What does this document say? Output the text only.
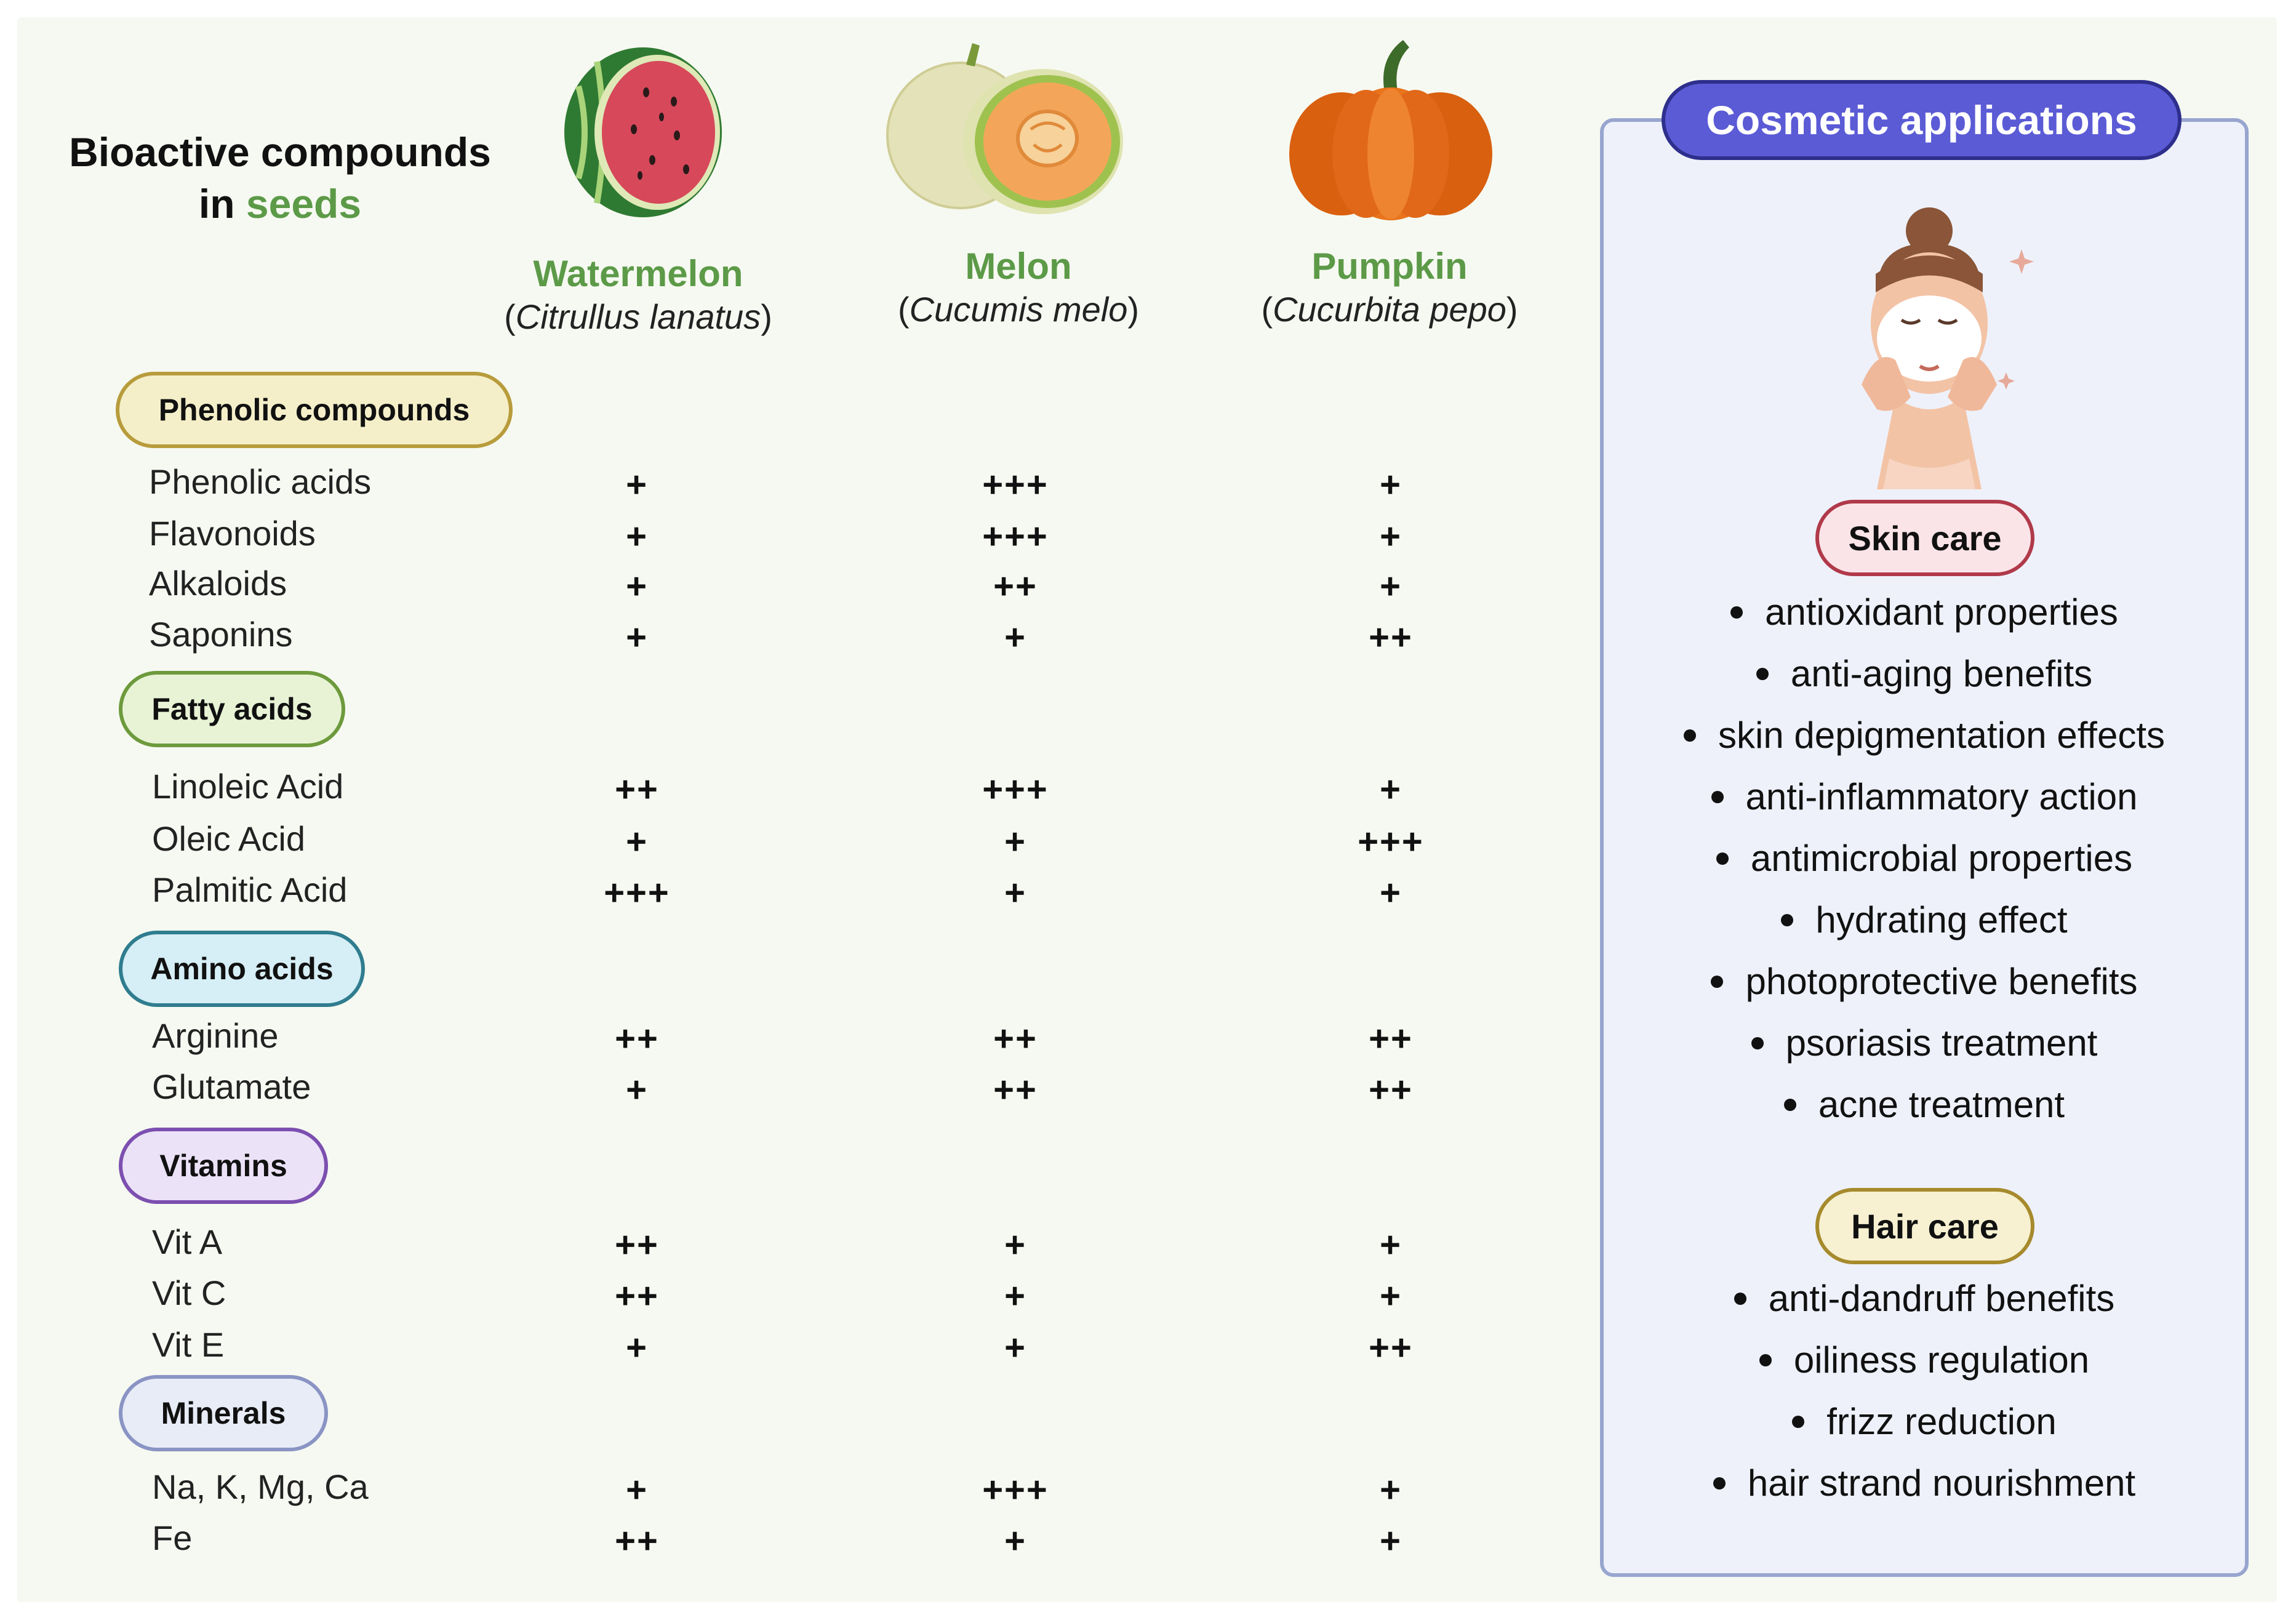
Bioactive compounds
in seeds
Watermelon
(Citrullus lanatus)
Melon
(Cucumis melo)
Pumpkin
(Cucurbita pepo)
Phenolic compounds
Phenolic acids	+	+++	+
Flavonoids	+	+++	+
Alkaloids	+	++	+
Saponins	+	+	++
Fatty acids
Linoleic Acid	++	+++	+
Oleic Acid	+	+	+++
Palmitic Acid	+++	+	+
Amino acids
Arginine	++	++	++
Glutamate	+	++	++
Vitamins
Vit A	++	+	+
Vit C	++	+	+
Vit E	+	+	++
Minerals
Na, K, Mg, Ca	+	+++	+
Fe	++	+	+
Cosmetic applications
Skin care
antioxidant properties
anti-aging benefits
skin depigmentation effects
anti-inflammatory action
antimicrobial properties
hydrating effect
photoprotective benefits
psoriasis treatment
acne treatment
Hair care
anti-dandruff benefits
oiliness regulation
frizz reduction
hair strand nourishment
